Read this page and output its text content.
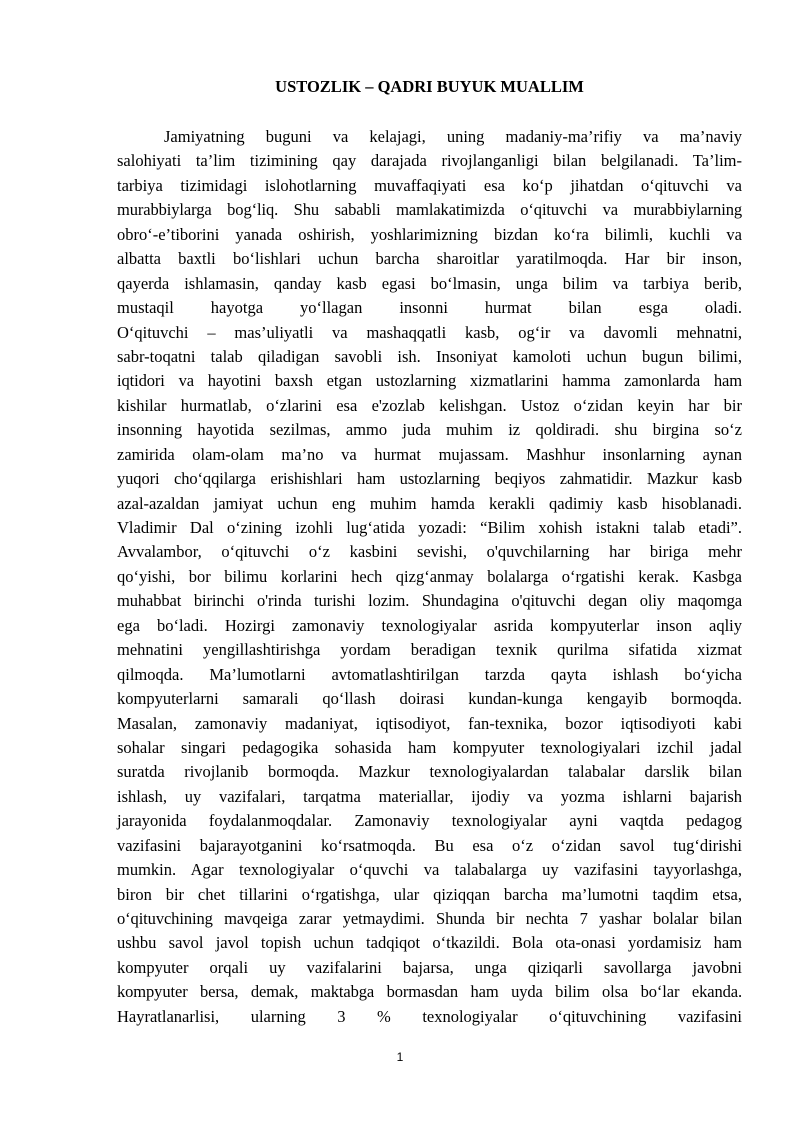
USTOZLIK – QADRI BUYUK MUALLIM
Jamiyatning buguni va kelajagi, uning madaniy-ma’rifiy va ma’naviy
salohiyati ta’lim tizimining qay darajada rivojlanganligi bilan belgilanadi. Ta’lim-
tarbiya tizimidagi islohotlarning muvaffaqiyati esa ko‘p jihatdan o‘qituvchi va
murabbiylarga bog‘liq. Shu sababli mamlakatimizda o‘qituvchi va murabbiylarning
obro‘-e’tiborini yanada oshirish, yoshlarimizning bizdan ko‘ra bilimli, kuchli va
albatta baxtli bo‘lishlari uchun barcha sharoitlar yaratilmoqda. Har bir inson,
qayerda ishlamasin, qanday kasb egasi bo‘lmasin, unga bilim va tarbiya berib,
mustaqil hayotga yo‘llagan insonni hurmat bilan esga oladi.
O‘qituvchi – mas’uliyatli va mashaqqatli kasb, og‘ir va davomli mehnatni,
sabr-toqatni talab qiladigan savobli ish. Insoniyat kamoloti uchun bugun bilimi,
iqtidori va hayotini baxsh etgan ustozlarning xizmatlarini hamma zamonlarda ham
kishilar hurmatlab, o‘zlarini esa e'zozlab kelishgan. Ustoz o‘zidan keyin har bir
insonning hayotida sezilmas, ammo juda muhim iz qoldiradi. shu birgina so‘z
zamirida olam-olam ma’no va hurmat mujassam. Mashhur insonlarning aynan
yuqori cho‘qqilarga erishishlari ham ustozlarning beqiyos zahmatidir. Mazkur kasb
azal-azaldan jamiyat uchun eng muhim hamda kerakli qadimiy kasb hisoblanadi.
Vladimir Dal o‘zining izohli lug‘atida yozadi: “Bilim xohish istakni talab etadi”.
Avvalambor, o‘qituvchi o‘z kasbini sevishi, o'quvchilarning har biriga mehr
qo‘yishi, bor bilimu korlarini hech qizg‘anmay bolalarga o‘rgatishi kerak. Kasbga
muhabbat birinchi o'rinda turishi lozim. Shundagina o'qituvchi degan oliy maqomga
ega bo‘ladi. Hozirgi zamonaviy texnologiyalar asrida kompyuterlar inson aqliy
mehnatini yengillashtirishga yordam beradigan texnik qurilma sifatida xizmat
qilmoqda. Ma’lumotlarni avtomatlashtirilgan tarzda qayta ishlash bo‘yicha
kompyuterlarni samarali qo‘llash doirasi kundan-kunga kengayib bormoqda.
Masalan, zamonaviy madaniyat, iqtisodiyot, fan-texnika, bozor iqtisodiyoti kabi
sohalar singari pedagogika sohasida ham kompyuter texnologiyalari izchil jadal
suratda rivojlanib bormoqda. Mazkur texnologiyalardan talabalar darslik bilan
ishlash, uy vazifalari, tarqatma materiallar, ijodiy va yozma ishlarni bajarish
jarayonida foydalanmoqdalar. Zamonaviy texnologiyalar ayni vaqtda pedagog
vazifasini bajarayotganini ko‘rsatmoqda. Bu esa o‘z o‘zidan savol tug‘dirishi
mumkin. Agar texnologiyalar o‘quvchi va talabalarga uy vazifasini tayyorlashga,
biron bir chet tillarini o‘rgatishga, ular qiziqqan barcha ma’lumotni taqdim etsa,
o‘qituvchining mavqeiga zarar yetmaydimi. Shunda bir nechta 7 yashar bolalar bilan
ushbu savol javol topish uchun tadqiqot o‘tkazildi. Bola ota-onasi yordamisiz ham
kompyuter orqali uy vazifalarini bajarsa, unga qiziqarli savollarga javobni
kompyuter bersa, demak, maktabga bormasdan ham uyda bilim olsa bo‘lar ekanda.
Hayratlanarlisi, ularning 3 % texnologiyalar o‘qituvchining vazifasini
1
